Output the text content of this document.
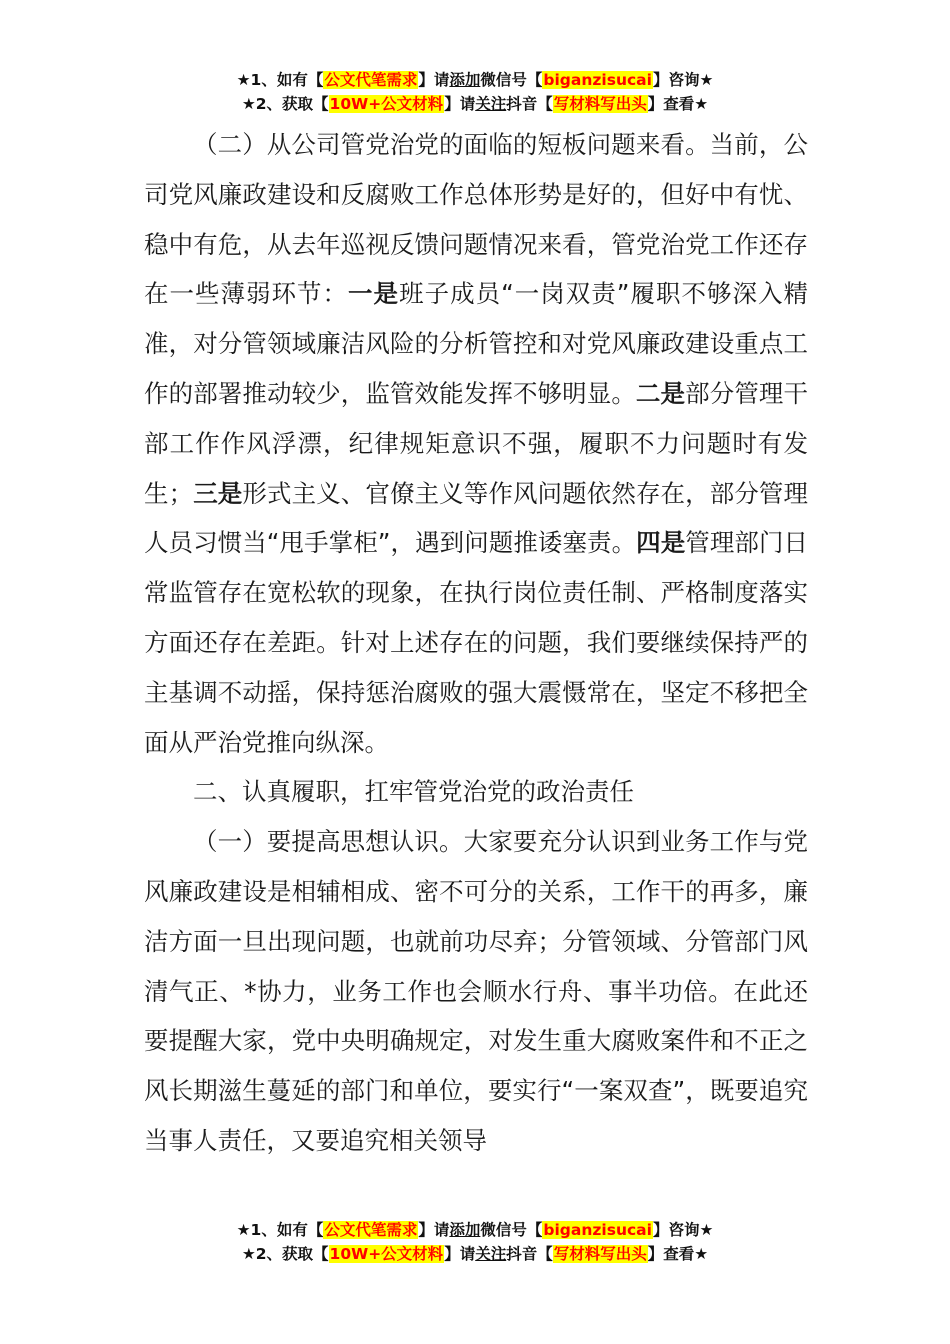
★1、如有【公文代笔需求】请添加微信号【biganzisucai】咨询★
★2、获取【10W+公文材料】请关注抖音【写材料写出头】查看★

（二）从公司管党治党的面临的短板问题来看。当前，公司党风廉政建设和反腐败工作总体形势是好的，但好中有忧、稳中有危，从去年巡视反馈问题情况来看，管党治党工作还存在一些薄弱环节：一是班子成员“一岗双责”履职不够深入精准，对分管领域廉洁风险的分析管控和对党风廉政建设重点工作的部署推动较少，监管效能发挥不够明显。二是部分管理干部工作作风浮漂，纪律规矩意识不强，履职不力问题时有发生；三是形式主义、官僚主义等作风问题依然存在，部分管理人员习惯当“甩手掌柜”，遇到问题推诿塞责。四是管理部门日常监管存在宽松软的现象，在执行岗位责任制、严格制度落实方面还存在差距。针对上述存在的问题，我们要继续保持严的主基调不动摇，保持惩治腐败的强大震慑常在，坚定不移把全面从严治党推向纵深。

二、认真履职，扛牢管党治党的政治责任

（一）要提高思想认识。大家要充分认识到业务工作与党风廉政建设是相辅相成、密不可分的关系，工作干的再多，廉洁方面一旦出现问题，也就前功尽弃；分管领域、分管部门风清气正、*协力，业务工作也会顺水行舟、事半功倍。在此还要提醒大家，党中央明确规定，对发生重大腐败案件和不正之风长期滋生蔓延的部门和单位，要实行“一案双查”，既要追究当事人责任，又要追究相关领导

★1、如有【公文代笔需求】请添加微信号【biganzisucai】咨询★
★2、获取【10W+公文材料】请关注抖音【写材料写出头】查看★
